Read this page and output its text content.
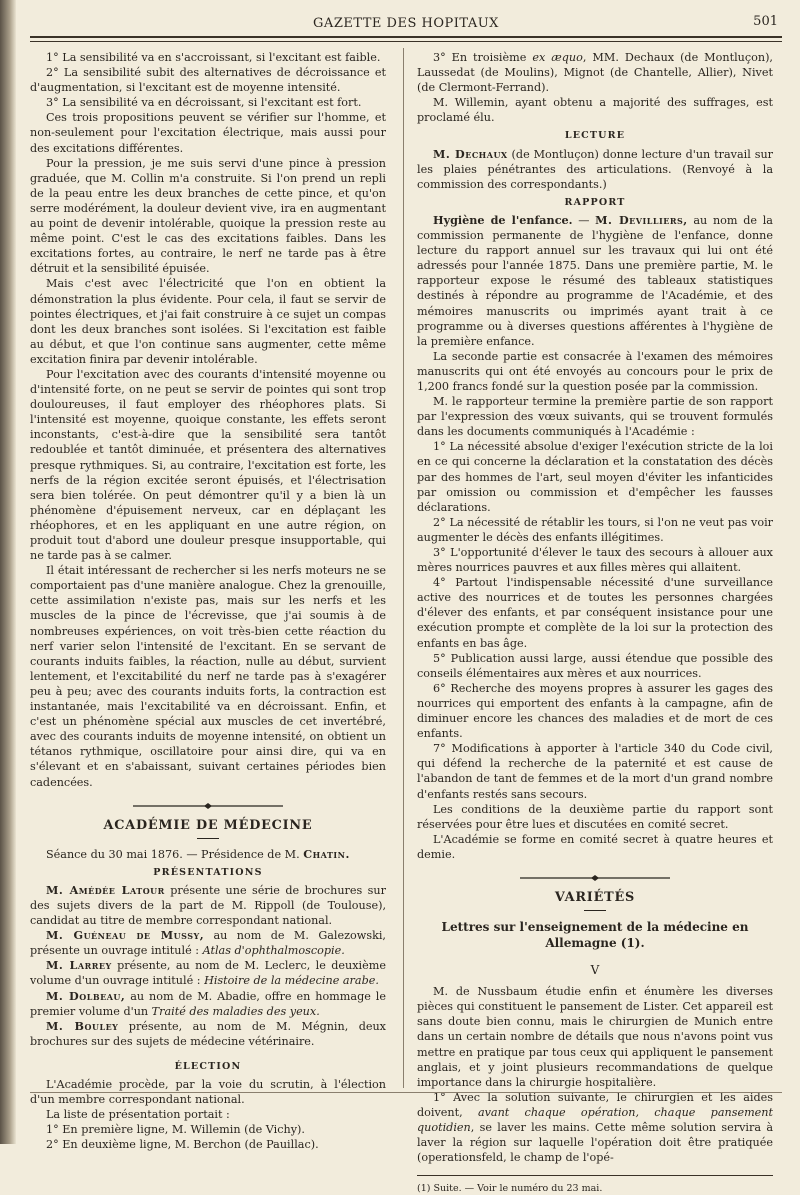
GAZETTE DES HOPITAUX	501

1° La sensibilité va en s'accroissant, si l'excitant est faible.

2° La sensibilité subit des alternatives de décroissance et d'augmentation, si l'excitant est de moyenne intensité.

3° La sensibilité va en décroissant, si l'excitant est fort.

Ces trois propositions peuvent se vérifier sur l'homme, et non-seulement pour l'excitation électrique, mais aussi pour des excitations différentes.

Pour la pression, je me suis servi d'une pince à pression graduée, que M. Collin m'a construite. Si l'on prend un repli de la peau entre les deux branches de cette pince, et qu'on serre modérément, la douleur devient vive, ira en augmentant au point de devenir intolérable, quoique la pression reste au même point. C'est le cas des excitations faibles. Dans les excitations fortes, au contraire, le nerf ne tarde pas à être détruit et la sensibilité épuisée.

Mais c'est avec l'électricité que l'on en obtient la démonstration la plus évidente. Pour cela, il faut se servir de pointes électriques, et j'ai fait construire à ce sujet un compas dont les deux branches sont isolées. Si l'excitation est faible au début, et que l'on continue sans augmenter, cette même excitation finira par devenir intolérable.

Pour l'excitation avec des courants d'intensité moyenne ou d'intensité forte, on ne peut se servir de pointes qui sont trop douloureuses, il faut employer des rhéophores plats. Si l'intensité est moyenne, quoique constante, les effets seront inconstants, c'est-à-dire que la sensibilité sera tantôt redoublée et tantôt diminuée, et présentera des alternatives presque rythmiques. Si, au contraire, l'excitation est forte, les nerfs de la région excitée seront épuisés, et l'électrisation sera bien tolérée. On peut démontrer qu'il y a bien là un phénomène d'épuisement nerveux, car en déplaçant les rhéophores, et en les appliquant en une autre région, on produit tout d'abord une douleur presque insupportable, qui ne tarde pas à se calmer.

Il était intéressant de rechercher si les nerfs moteurs ne se comportaient pas d'une manière analogue. Chez la grenouille, cette assimilation n'existe pas, mais sur les nerfs et les muscles de la pince de l'écrevisse, que j'ai soumis à de nombreuses expériences, on voit très-bien cette réaction du nerf varier selon l'intensité de l'excitant. En se servant de courants induits faibles, la réaction, nulle au début, survient lentement, et l'excitabilité du nerf ne tarde pas à s'exagérer peu à peu; avec des courants induits forts, la contraction est instantanée, mais l'excitabilité va en décroissant. Enfin, et c'est un phénomène spécial aux muscles de cet invertébré, avec des courants induits de moyenne intensité, on obtient un tétanos rythmique, oscillatoire pour ainsi dire, qui va en s'élevant et en s'abaissant, suivant certaines périodes bien cadencées.

ACADÉMIE DE MÉDECINE

Séance du 30 mai 1876. — Présidence de M. Chatin.

PRÉSENTATIONS

M. Amédée Latour présente une série de brochures sur des sujets divers de la part de M. Rippoll (de Toulouse), candidat au titre de membre correspondant national.

M. Guéneau de Mussy, au nom de M. Galezowski, présente un ouvrage intitulé : Atlas d'ophthalmoscopie.

M. Larrey présente, au nom de M. Leclerc, le deuxième volume d'un ouvrage intitulé : Histoire de la médecine arabe.

M. Dolbeau, au nom de M. Abadie, offre en hommage le premier volume d'un Traité des maladies des yeux.

M. Bouley présente, au nom de M. Mégnin, deux brochures sur des sujets de médecine vétérinaire.

ÉLECTION

L'Académie procède, par la voie du scrutin, à l'élection d'un membre correspondant national.

La liste de présentation portait :

1° En première ligne, M. Willemin (de Vichy).

2° En deuxième ligne, M. Berchon (de Pauillac).

3° En troisième ex æquo, MM. Dechaux (de Montluçon), Laussedat (de Moulins), Mignot (de Chantelle, Allier), Nivet (de Clermont-Ferrand).

M. Willemin, ayant obtenu a majorité des suffrages, est proclamé élu.

LECTURE

M. Dechaux (de Montluçon) donne lecture d'un travail sur les plaies pénétrantes des articulations. (Renvoyé à la commission des correspondants.)

RAPPORT

Hygiène de l'enfance. — M. Devilliers, au nom de la commission permanente de l'hygiène de l'enfance, donne lecture du rapport annuel sur les travaux qui lui ont été adressés pour l'année 1875. Dans une première partie, M. le rapporteur expose le résumé des tableaux statistiques destinés à répondre au programme de l'Académie, et des mémoires manuscrits ou imprimés ayant trait à ce programme ou à diverses questions afférentes à l'hygiène de la première enfance.

La seconde partie est consacrée à l'examen des mémoires manuscrits qui ont été envoyés au concours pour le prix de 1,200 francs fondé sur la question posée par la commission.

M. le rapporteur termine la première partie de son rapport par l'expression des vœux suivants, qui se trouvent formulés dans les documents communiqués à l'Académie :

1° La nécessité absolue d'exiger l'exécution stricte de la loi en ce qui concerne la déclaration et la constatation des décès par des hommes de l'art, seul moyen d'éviter les infanticides par omission ou commission et d'empêcher les fausses déclarations.

2° La nécessité de rétablir les tours, si l'on ne veut pas voir augmenter le décès des enfants illégitimes.

3° L'opportunité d'élever le taux des secours à allouer aux mères nourrices pauvres et aux filles mères qui allaitent.

4° Partout l'indispensable nécessité d'une surveillance active des nourrices et de toutes les personnes chargées d'élever des enfants, et par conséquent insistance pour une exécution prompte et complète de la loi sur la protection des enfants en bas âge.

5° Publication aussi large, aussi étendue que possible des conseils élémentaires aux mères et aux nourrices.

6° Recherche des moyens propres à assurer les gages des nourrices qui emportent des enfants à la campagne, afin de diminuer encore les chances des maladies et de mort de ces enfants.

7° Modifications à apporter à l'article 340 du Code civil, qui défend la recherche de la paternité et est cause de l'abandon de tant de femmes et de la mort d'un grand nombre d'enfants restés sans secours.

Les conditions de la deuxième partie du rapport sont réservées pour être lues et discutées en comité secret.

L'Académie se forme en comité secret à quatre heures et demie.

VARIÉTÉS
Lettres sur l'enseignement de la médecine en
Allemagne (1).
V

M. de Nussbaum étudie enfin et énumère les diverses pièces qui constituent le pansement de Lister. Cet appareil est sans doute bien connu, mais le chirurgien de Munich entre dans un certain nombre de détails que nous n'avons point vus mettre en pratique par tous ceux qui appliquent le pansement anglais, et y joint plusieurs recommandations de quelque importance dans la chirurgie hospitalière.

1° Avec la solution suivante, le chirurgien et les aides doivent, avant chaque opération, chaque pansement quotidien, se laver les mains. Cette même solution servira à laver la région sur laquelle l'opération doit être pratiquée (operationsfeld, le champ de l'opé-

(1) Suite. — Voir le numéro du 23 mai.
